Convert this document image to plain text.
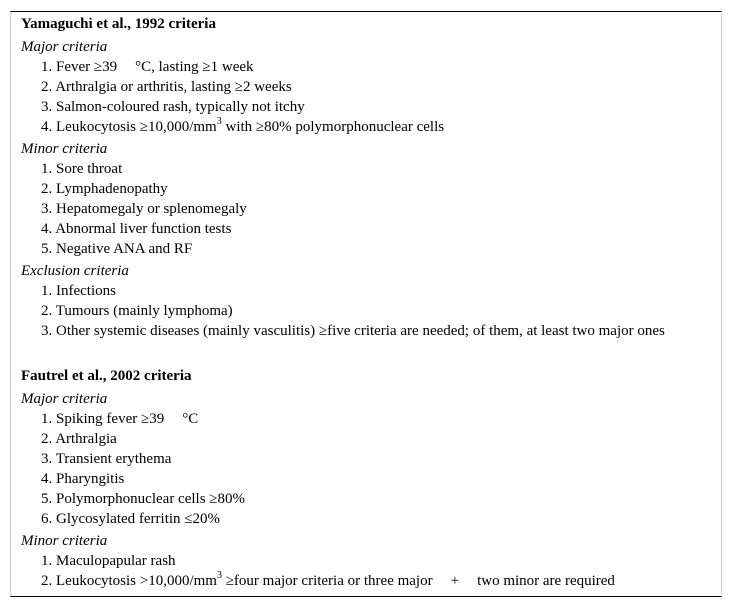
Yamaguchi et al., 1992 criteria
Major criteria
1. Fever ≥39 °C, lasting ≥1 week
2. Arthralgia or arthritis, lasting ≥2 weeks
3. Salmon-coloured rash, typically not itchy
4. Leukocytosis $\ge 10,000/mm^3$ with ≥80% polymorphonuclear cells
Minor criteria
1. Sore throat
2. Lymphadenopathy
3. Hepatomegaly or splenomegaly
4. Abnormal liver function tests
5. Negative ANA and RF
Exclusion criteria
1. Infections
2. Tumours (mainly lymphoma)
3. Other systemic diseases (mainly vasculitis) ≥five criteria are needed; of them, at least two major ones
Fautrel et al., 2002 criteria
Major criteria
1. Spiking fever ≥39 °C
2. Arthralgia
3. Transient erythema
4. Pharyngitis
5. Polymorphonuclear cells ≥80%
6. Glycosylated ferritin ≤20%
Minor criteria
1. Maculopapular rash
2. Leukocytosis $>10,000/mm^3$ ≥four major criteria or three major + two minor are required
